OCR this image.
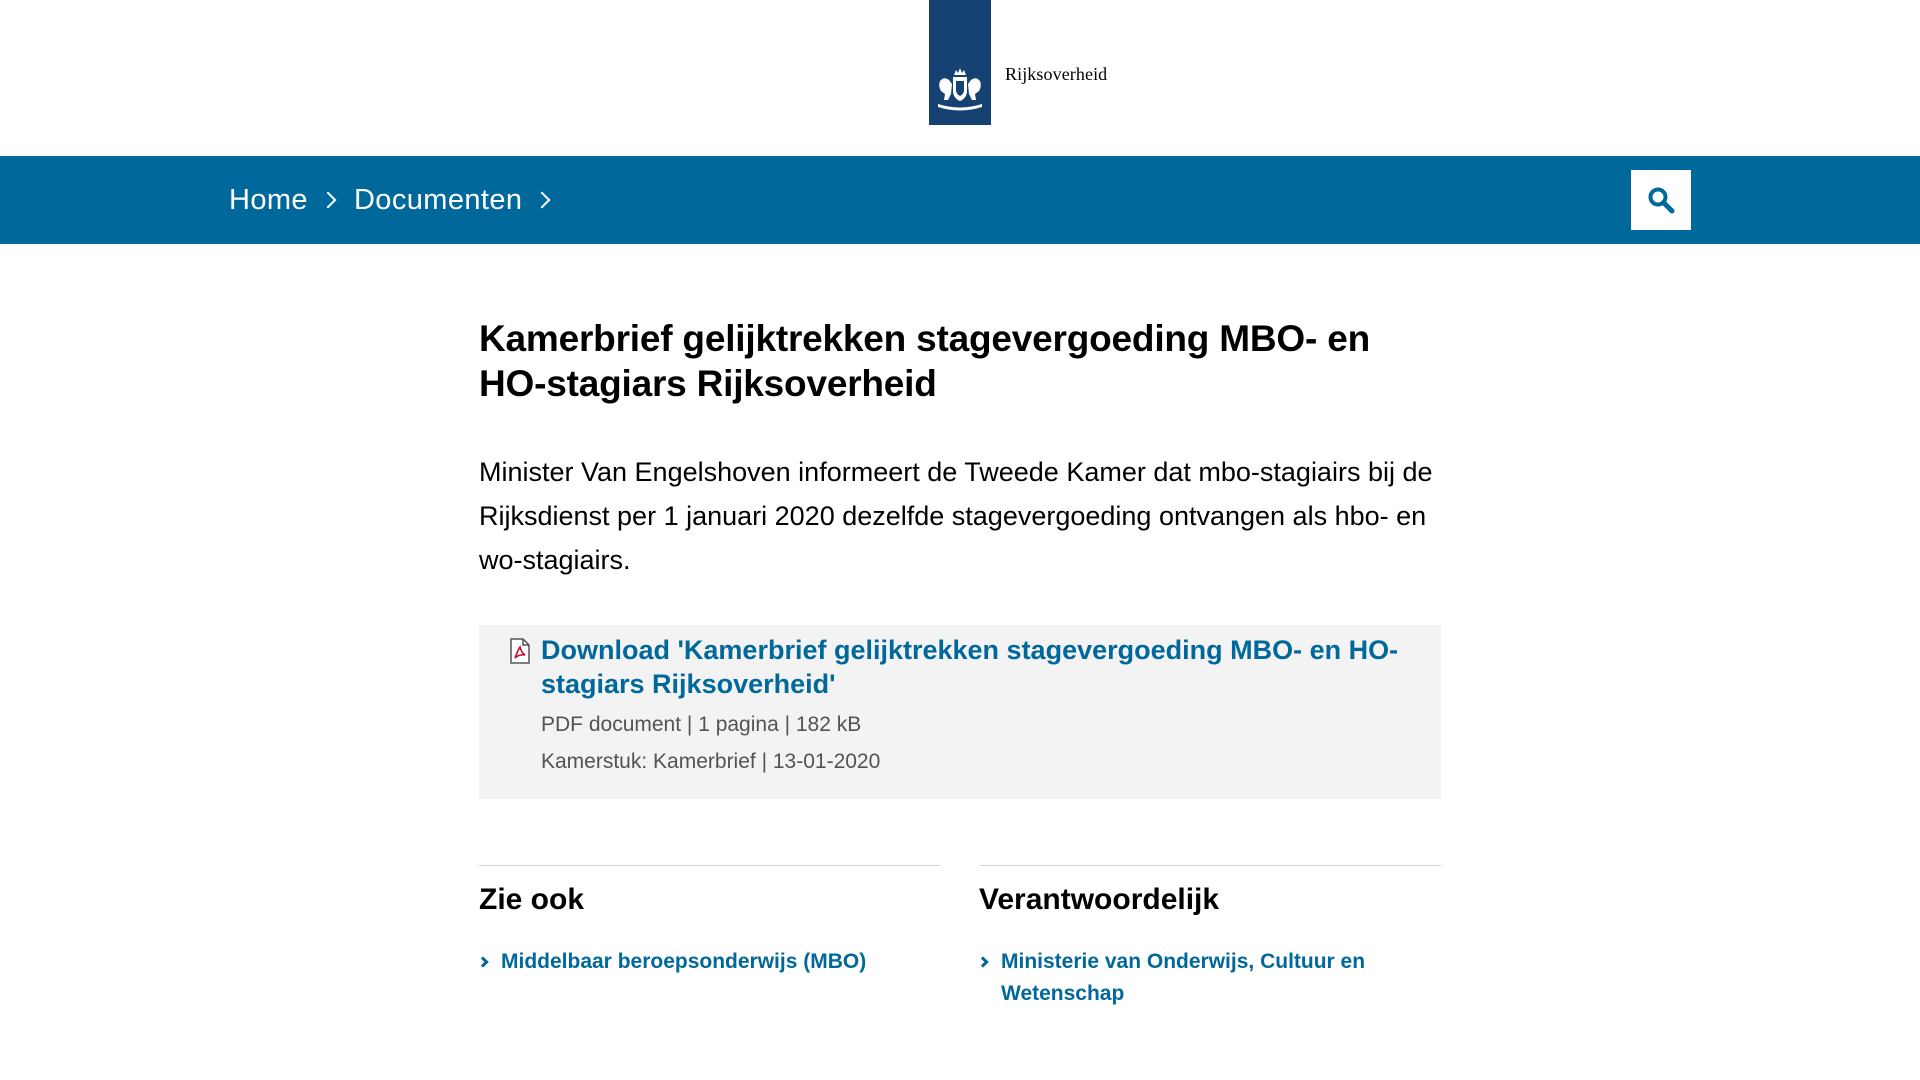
Rijksoverheid
Home Documenten
Kamerbrief gelijktrekken stagevergoeding MBO- en HO-stagiars Rijksoverheid

Minister Van Engelshoven informeert de Tweede Kamer dat mbo-stagiairs bij de Rijksdienst per 1 januari 2020 dezelfde stagevergoeding ontvangen als hbo- en wo-stagiairs.

Download 'Kamerbrief gelijktrekken stagevergoeding MBO- en HO-stagiars Rijksoverheid'
PDF document | 1 pagina | 182 kB
Kamerstuk: Kamerbrief | 13-01-2020
Zie ook
Middelbaar beroepsonderwijs (MBO)
Verantwoordelijk
Ministerie van Onderwijs, Cultuur en Wetenschap
